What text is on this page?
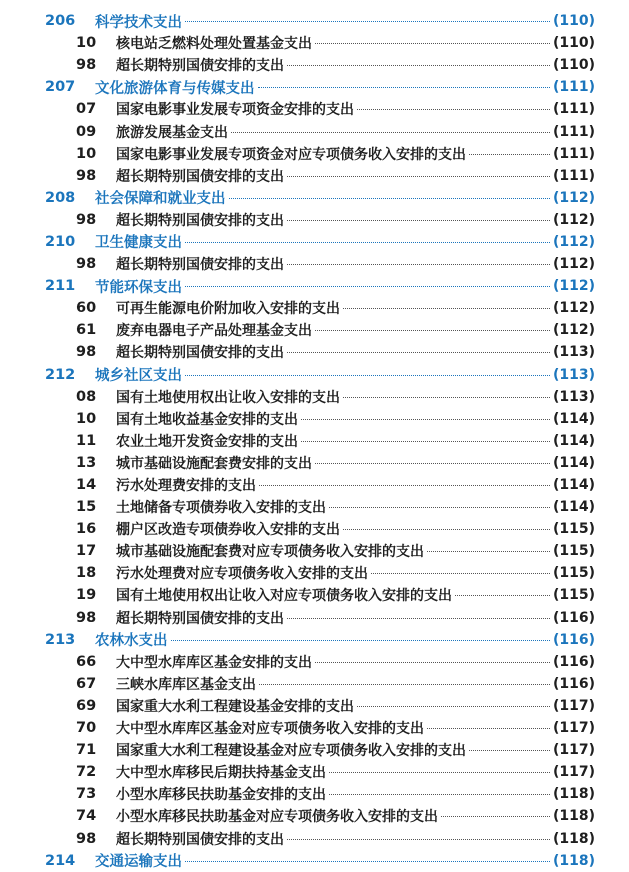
206	科学技术支出	(110)
10	核电站乏燃料处理处置基金支出	(110)
98	超长期特别国债安排的支出	(110)
207	文化旅游体育与传媒支出	(111)
07	国家电影事业发展专项资金安排的支出	(111)
09	旅游发展基金支出	(111)
10	国家电影事业发展专项资金对应专项债务收入安排的支出	(111)
98	超长期特别国债安排的支出	(111)
208	社会保障和就业支出	(112)
98	超长期特别国债安排的支出	(112)
210	卫生健康支出	(112)
98	超长期特别国债安排的支出	(112)
211	节能环保支出	(112)
60	可再生能源电价附加收入安排的支出	(112)
61	废弃电器电子产品处理基金支出	(112)
98	超长期特别国债安排的支出	(113)
212	城乡社区支出	(113)
08	国有土地使用权出让收入安排的支出	(113)
10	国有土地收益基金安排的支出	(114)
11	农业土地开发资金安排的支出	(114)
13	城市基础设施配套费安排的支出	(114)
14	污水处理费安排的支出	(114)
15	土地储备专项债券收入安排的支出	(114)
16	棚户区改造专项债券收入安排的支出	(115)
17	城市基础设施配套费对应专项债务收入安排的支出	(115)
18	污水处理费对应专项债务收入安排的支出	(115)
19	国有土地使用权出让收入对应专项债务收入安排的支出	(115)
98	超长期特别国债安排的支出	(116)
213	农林水支出	(116)
66	大中型水库库区基金安排的支出	(116)
67	三峡水库库区基金支出	(116)
69	国家重大水利工程建设基金安排的支出	(117)
70	大中型水库库区基金对应专项债务收入安排的支出	(117)
71	国家重大水利工程建设基金对应专项债务收入安排的支出	(117)
72	大中型水库移民后期扶持基金支出	(117)
73	小型水库移民扶助基金安排的支出	(118)
74	小型水库移民扶助基金对应专项债务收入安排的支出	(118)
98	超长期特别国债安排的支出	(118)
214	交通运输支出	(118)
